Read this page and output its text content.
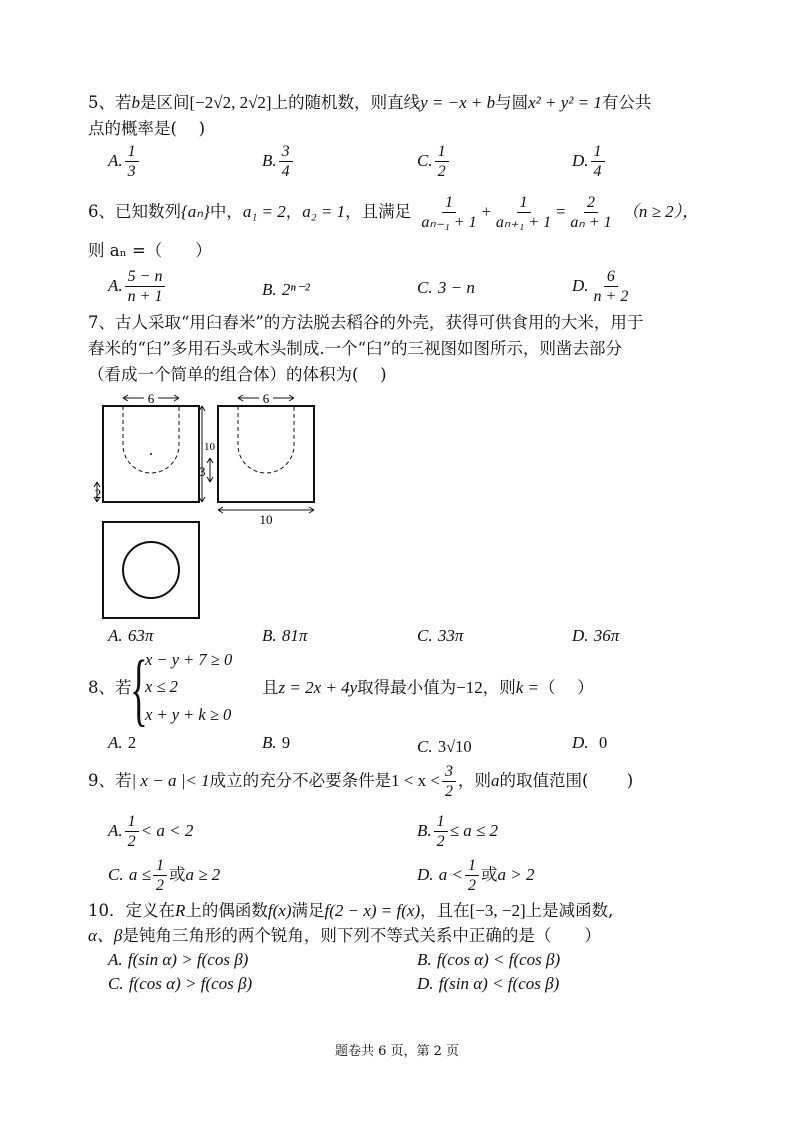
5、若b是区间[−2√2, 2√2]上的随机数，则直线y = −x + b与圆x² + y² = 1有公共
点的概率是(　 )
A. $\frac{1}{3}$	B. $\frac{3}{4}$	C. $\frac{1}{2}$	D. $\frac{1}{4}$
6、已知数列{aₙ}中，a₁ = 2，a₂ = 1，且满足 $\frac{1}{\text{aₙ₋₁ + 1}} + \frac{1}{\text{aₙ₊₁ + 1}} = \frac{2}{\text{aₙ + 1}} (n \ge 2)$，
则 aₙ =（　　）
A. $\frac{5 - n}{n + 1}$	B. 2ⁿ⁻²	C. 3 − n	D. $\frac{6}{n + 2}$
7、古人采取“用臼舂米”的方法脱去稻谷的外壳，获得可供食用的大米，用于
舂米的“臼”多用石头或木头制成.一个“臼”的三视图如图所示，则凿去部分
（看成一个简单的组合体）的体积为(　 )
6
2
6
10
3
10
A. 63π	B. 81π	C. 33π	D. 36π
8、若
{
x − y + 7 ≥ 0
x ≤ 2
x + y + k ≥ 0
且z = 2x + 4y取得最小值为−12，则k =（　 ）
A. 2	B. 9	C. 3√10	D. 0
9、若| x − a |< 1成立的充分不必要条件是$1 < x < \frac{3}{2}$ ，则a的取值范围(　　 )
A. $\frac{1}{2} < a < 2$	B. $\frac{1}{2} \le a \le 2$
C. $a \le \frac{1}{2}$ 或a ≥ 2	D. $a < \frac{1}{2}$ 或a > 2
10．定义在R上的偶函数f(x)满足f(2 − x) = f(x)，且在[−3, −2]上是减函数,
α、β是钝角三角形的两个锐角，则下列不等式关系中正确的是（　　）
A. f(sin α) > f(cos β)	B. f(cos α) < f(cos β)
C. f(cos α) > f(cos β)	D. f(sin α) < f(cos β)
题卷共 6 页，第 2 页
